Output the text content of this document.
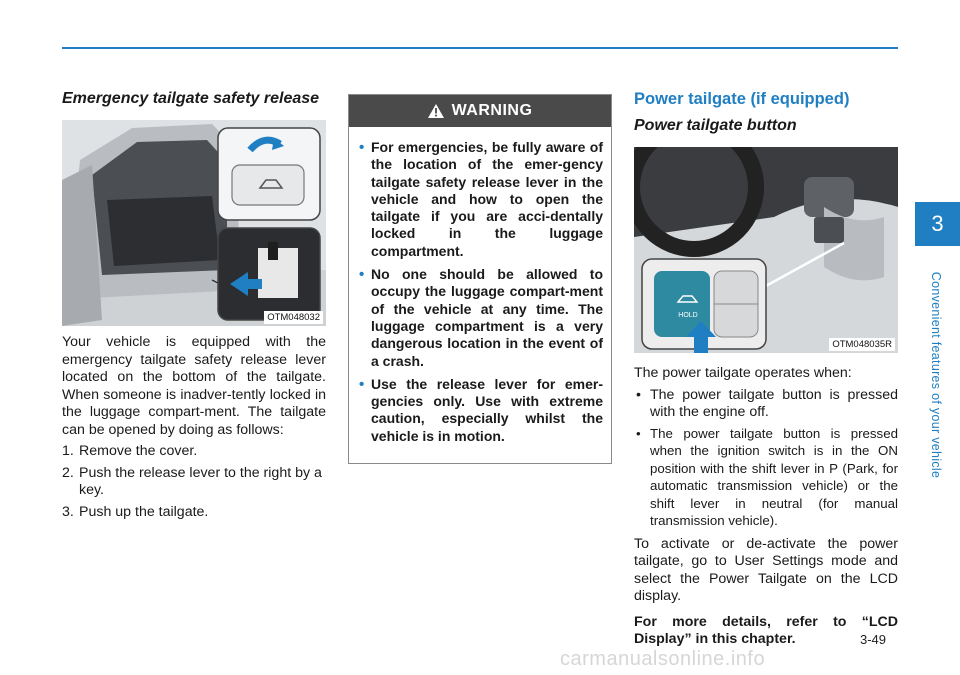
Emergency tailgate safety release
OTM048032

Your vehicle is equipped with the emergency tailgate safety release lever located on the bottom of the tailgate. When someone is inadver-tently locked in the luggage compart-ment. The tailgate can be opened by doing as follows:

1. Remove the cover.
2. Push the release lever to the right by a key.
3. Push up the tailgate.
WARNING
• For emergencies, be fully aware of the location of the emer-gency tailgate safety release lever in the vehicle and how to open the tailgate if you are acci-dentally locked in the luggage compartment.
• No one should be allowed to occupy the luggage compart-ment of the vehicle at any time. The luggage compartment is a very dangerous location in the event of a crash.
• Use the release lever for emer-gencies only. Use with extreme caution, especially whilst the vehicle is in motion.
Power tailgate (if equipped)
Power tailgate button
HOLD
OTM048035R

The power tailgate operates when:

• The power tailgate button is pressed with the engine off.
• The power tailgate button is pressed when the ignition switch is in the ON position with the shift lever in P (Park, for automatic transmission vehicle) or the shift lever in neutral (for manual transmission vehicle).

To activate or de-activate the power tailgate, go to User Settings mode and select the Power Tailgate on the LCD display.

For more details, refer to “LCD Display” in this chapter.

3
Convenient features of your vehicle
3-49
carmanualsonline.info
